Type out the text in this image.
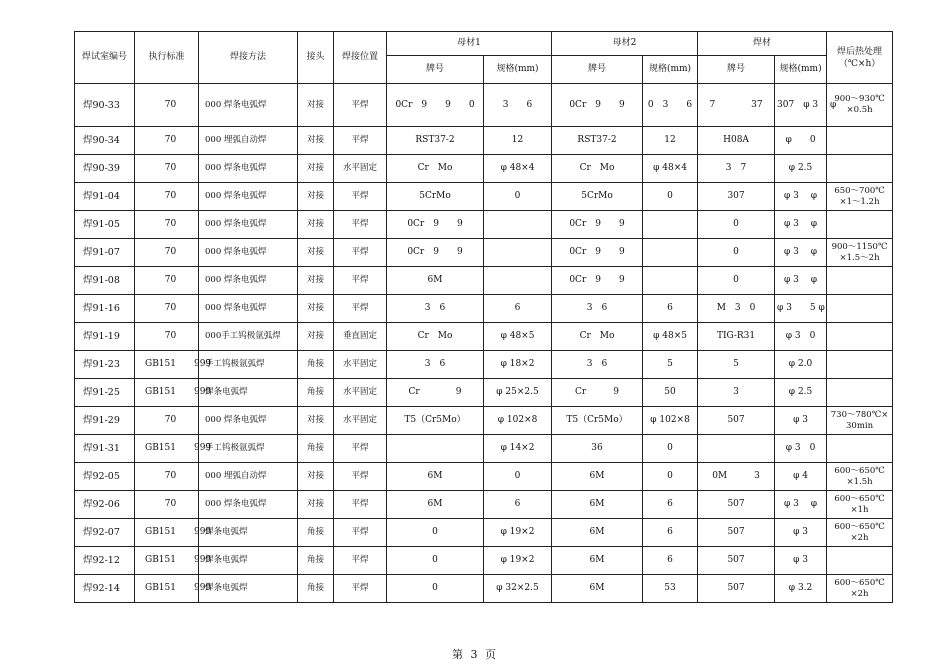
焊试室编号	执行标准	焊接方法	接头	焊接位置	母材1		母材2		焊材		焊后热处理（℃×h）
					牌号	规格(mm)	牌号	规格(mm)	牌号	规格(mm)	
焊90-33	70	000 焊条电弧焊	对接	平焊	0Cr　9　　9　　0	3　　6	0Cr　9　　9　	0　3　　6	7　　　　37	307　φ 3　 φ	900～930℃ ×0.5h
焊90-34	70	000 埋弧自动焊	对接	平焊	RST37-2	12	RST37-2	12	H08A	φ　　0	
焊90-39	70	000 焊条电弧焊	对接	水平固定	Cr　Mo	φ 48×4	Cr　Mo	φ 48×4	3　7	φ 2.5	
焊91-04	70	000 焊条电弧焊	对接	平焊	5CrMo	0	5CrMo	0	307	φ 3　 φ	650～700℃ ×1～1.2h
焊91-05	70	000 焊条电弧焊	对接	平焊	0Cr　9　　9		0Cr　9　　9		0	φ 3　 φ	
焊91-07	70	000 焊条电弧焊	对接	平焊	0Cr　9　　9		0Cr　9　　9		0	φ 3　 φ	900～1150℃ ×1.5～2h
焊91-08	70	000 焊条电弧焊	对接	平焊	6M		0Cr　9　　9		0	φ 3　 φ	
焊91-16	70	000 焊条电弧焊	对接	平焊	3　6	6	3　6	6	M　3　0	φ 3　　5 φ	
焊91-19	70	000手工钨极氩弧焊	对接	垂直固定	Cr　Mo	φ 48×5	Cr　Mo	φ 48×5	TIG-R31	φ 3　0	
焊91-23	GB151　　999	手工钨极氩弧焊	角接	水平固定	3　6	φ 18×2	3　6	5	5	φ 2.0	
焊91-25	GB151　　999	焊条电弧焊	角接	水平固定	Cr　　　　9	φ 25×2.5	Cr　　　9	50	3	φ 2.5	
焊91-29	70	000 焊条电弧焊	对接	水平固定	T5（Cr5Mo）	φ 102×8	T5（Cr5Mo）	φ 102×8	507	φ 3	730～780℃× 30min
焊91-31	GB151　　999	手工钨极氩弧焊	角接	平焊		φ 14×2	36	0		φ 3　0	
焊92-05	70	000 埋弧自动焊	对接	平焊	6M	0	6M	0	0M　　　3	φ 4	600～650℃ ×1.5h
焊92-06	70	000 焊条电弧焊	对接	平焊	6M	6	6M	6	507	φ 3　 φ	600～650℃ ×1h
焊92-07	GB151　　999	焊条电弧焊	角接	平焊	0	φ 19×2	6M	6	507	φ 3	600～650℃ ×2h
焊92-12	GB151　　999	焊条电弧焊	角接	平焊	0	φ 19×2	6M	6	507	φ 3	
焊92-14	GB151　　999	焊条电弧焊	角接	平焊	0	φ 32×2.5	6M	53	507	φ 3.2	600～650℃ ×2h
第 3 页
